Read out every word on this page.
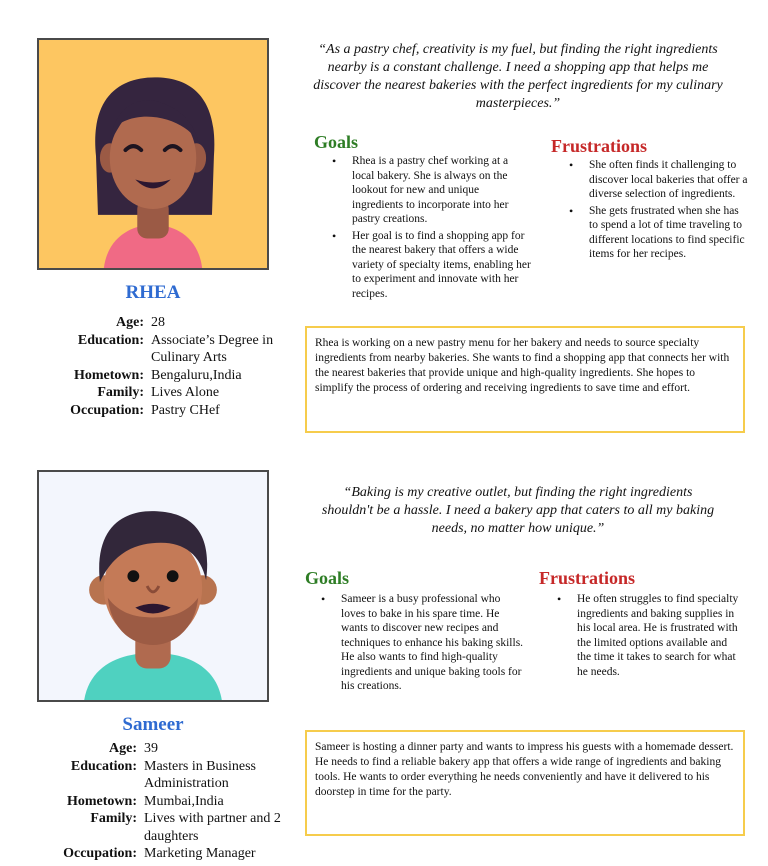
RHEA
Age: 28
Education: Associate’s Degree in Culinary Arts
Hometown: Bengaluru,India
Family: Lives Alone
Occupation: Pastry CHef
“As a pastry chef, creativity is my fuel, but finding the right ingredients nearby is a constant challenge. I need a shopping app that helps me discover the nearest bakeries with the perfect ingredients for my culinary masterpieces.”
Goals
• Rhea is a pastry chef working at a local bakery. She is always on the lookout for new and unique ingredients to incorporate into her pastry creations.
• Her goal is to find a shopping app for the nearest bakery that offers a wide variety of specialty items, enabling her to experiment and innovate with her recipes.
Frustrations
• She often finds it challenging to discover local bakeries that offer a diverse selection of ingredients.
• She gets frustrated when she has to spend a lot of time traveling to different locations to find specific items for her recipes.
Rhea is working on a new pastry menu for her bakery and needs to source specialty ingredients from nearby bakeries. She wants to find a shopping app that connects her with the nearest bakeries that provide unique and high-quality ingredients. She hopes to simplify the process of ordering and receiving ingredients to save time and effort.
Sameer
Age: 39
Education: Masters in Business Administration
Hometown: Mumbai,India
Family: Lives with partner and 2 daughters
Occupation: Marketing Manager
“Baking is my creative outlet, but finding the right ingredients shouldn't be a hassle. I need a bakery app that caters to all my baking needs, no matter how unique.”
Goals
• Sameer is a busy professional who loves to bake in his spare time. He wants to discover new recipes and techniques to enhance his baking skills. He also wants to find high-quality ingredients and unique baking tools for his creations.
Frustrations
• He often struggles to find specialty ingredients and baking supplies in his local area. He is frustrated with the limited options available and the time it takes to search for what he needs.
Sameer is hosting a dinner party and wants to impress his guests with a homemade dessert. He needs to find a reliable bakery app that offers a wide range of ingredients and baking tools. He wants to order everything he needs conveniently and have it delivered to his doorstep in time for the party.
